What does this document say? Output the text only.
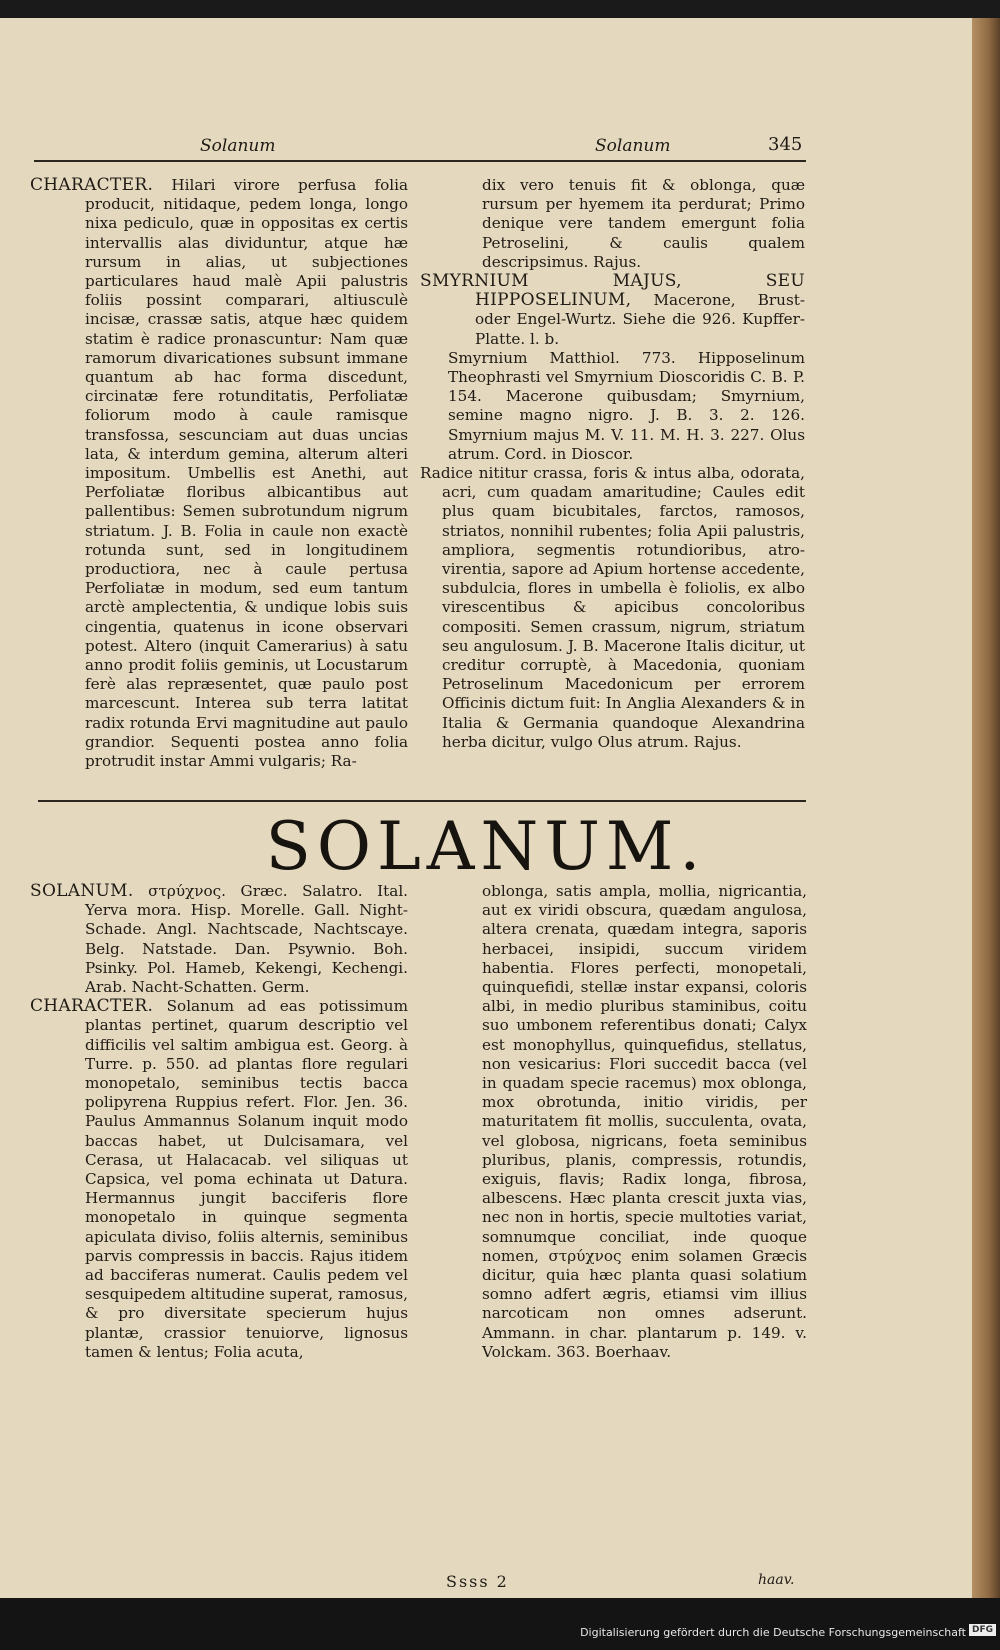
Solanum	Solanum	345

CHARACTER. Hilari virore perfusa folia producit, nitidaque, pedem longa, longo nixa pediculo, quæ in oppositas ex certis intervallis alas dividuntur, atque hæ rursum in alias, ut subjectiones particulares haud malè Apii palustris foliis possint comparari, altiusculè incisæ, crassæ satis, atque hæc quidem statim è radice pronascuntur: Nam quæ ramorum divaricationes subsunt immane quantum ab hac forma discedunt, circinatæ fere rotunditatis, Perfoliatæ foliorum modo à caule ramisque transfossa, sescunciam aut duas uncias lata, & interdum gemina, alterum alteri impositum. Umbellis est Anethi, aut Perfoliatæ floribus albicantibus aut pallentibus: Semen subrotundum nigrum striatum. J. B. Folia in caule non exactè rotunda sunt, sed in longitudinem productiora, nec à caule pertusa Perfoliatæ in modum, sed eum tantum arctè amplectentia, & undique lobis suis cingentia, quatenus in icone observari potest. Altero (inquit Camerarius) à satu anno prodit foliis geminis, ut Locustarum ferè alas repræsentet, quæ paulo post marcescunt. Interea sub terra latitat radix rotunda Ervi magnitudine aut paulo grandior. Sequenti postea anno folia protrudit instar Ammi vulgaris; Ra-

dix vero tenuis fit & oblonga, quæ rursum per hyemem ita perdurat; Primo denique vere tandem emergunt folia Petroselini, & caulis qualem descripsimus. Rajus.

SMYRNIUM MAJUS, SEU HIPPOSELINUM, Macerone, Brust- oder Engel-Wurtz. Siehe die 926. Kupffer-Platte. l. b.

Smyrnium Matthiol. 773. Hipposelinum Theophrasti vel Smyrnium Dioscoridis C. B. P. 154. Macerone quibusdam; Smyrnium, semine magno nigro. J. B. 3. 2. 126. Smyrnium majus M. V. 11. M. H. 3. 227. Olus atrum. Cord. in Dioscor.

Radice nititur crassa, foris & intus alba, odorata, acri, cum quadam amaritudine; Caules edit plus quam bicubitales, farctos, ramosos, striatos, nonnihil rubentes; folia Apii palustris, ampliora, segmentis rotundioribus, atro-virentia, sapore ad Apium hortense accedente, subdulcia, flores in umbella è foliolis, ex albo virescentibus & apicibus concoloribus compositi. Semen crassum, nigrum, striatum seu angulosum. J. B. Macerone Italis dicitur, ut creditur corruptè, à Macedonia, quoniam Petroselinum Macedonicum per errorem Officinis dictum fuit: In Anglia Alexanders & in Italia & Germania quandoque Alexandrina herba dicitur, vulgo Olus atrum. Rajus.

SOLANUM.

SOLANUM. στρύχνος. Græc. Salatro. Ital. Yerva mora. Hisp. Morelle. Gall. Night-Schade. Angl. Nachtscade, Nachtscaye. Belg. Natstade. Dan. Psywnio. Boh. Psinky. Pol. Hameb, Kekengi, Kechengi. Arab. Nacht-Schatten. Germ.

CHARACTER. Solanum ad eas potissimum plantas pertinet, quarum descriptio vel difficilis vel saltim ambigua est. Georg. à Turre. p. 550. ad plantas flore regulari monopetalo, seminibus tectis bacca polipyrena Ruppius refert. Flor. Jen. 36. Paulus Ammannus Solanum inquit modo baccas habet, ut Dulcisamara, vel Cerasa, ut Halacacab. vel siliquas ut Capsica, vel poma echinata ut Datura. Hermannus jungit bacciferis flore monopetalo in quinque segmenta apiculata diviso, foliis alternis, seminibus parvis compressis in baccis. Rajus itidem ad bacciferas numerat. Caulis pedem vel sesquipedem altitudine superat, ramosus, & pro diversitate specierum hujus plantæ, crassior tenuiorve, lignosus tamen & lentus; Folia acuta,

oblonga, satis ampla, mollia, nigricantia, aut ex viridi obscura, quædam angulosa, altera crenata, quædam integra, saporis herbacei, insipidi, succum viridem habentia. Flores perfecti, monopetali, quinquefidi, stellæ instar expansi, coloris albi, in medio pluribus staminibus, coitu suo umbonem referentibus donati; Calyx est monophyllus, quinquefidus, stellatus, non vesicarius: Flori succedit bacca (vel in quadam specie racemus) mox oblonga, mox obrotunda, initio viridis, per maturitatem fit mollis, succulenta, ovata, vel globosa, nigricans, foeta seminibus pluribus, planis, compressis, rotundis, exiguis, flavis; Radix longa, fibrosa, albescens. Hæc planta crescit juxta vias, nec non in hortis, specie multoties variat, somnumque conciliat, inde quoque nomen, στρύχνος enim solamen Græcis dicitur, quia hæc planta quasi solatium somno adfert ægris, etiamsi vim illius narcoticam non omnes adserunt. Ammann. in char. plantarum p. 149. v. Volckam. 363. Boerhaav.

Ssss 2	haav.
Digitalisierung gefördert durch die Deutsche Forschungsgemeinschaft DFG
